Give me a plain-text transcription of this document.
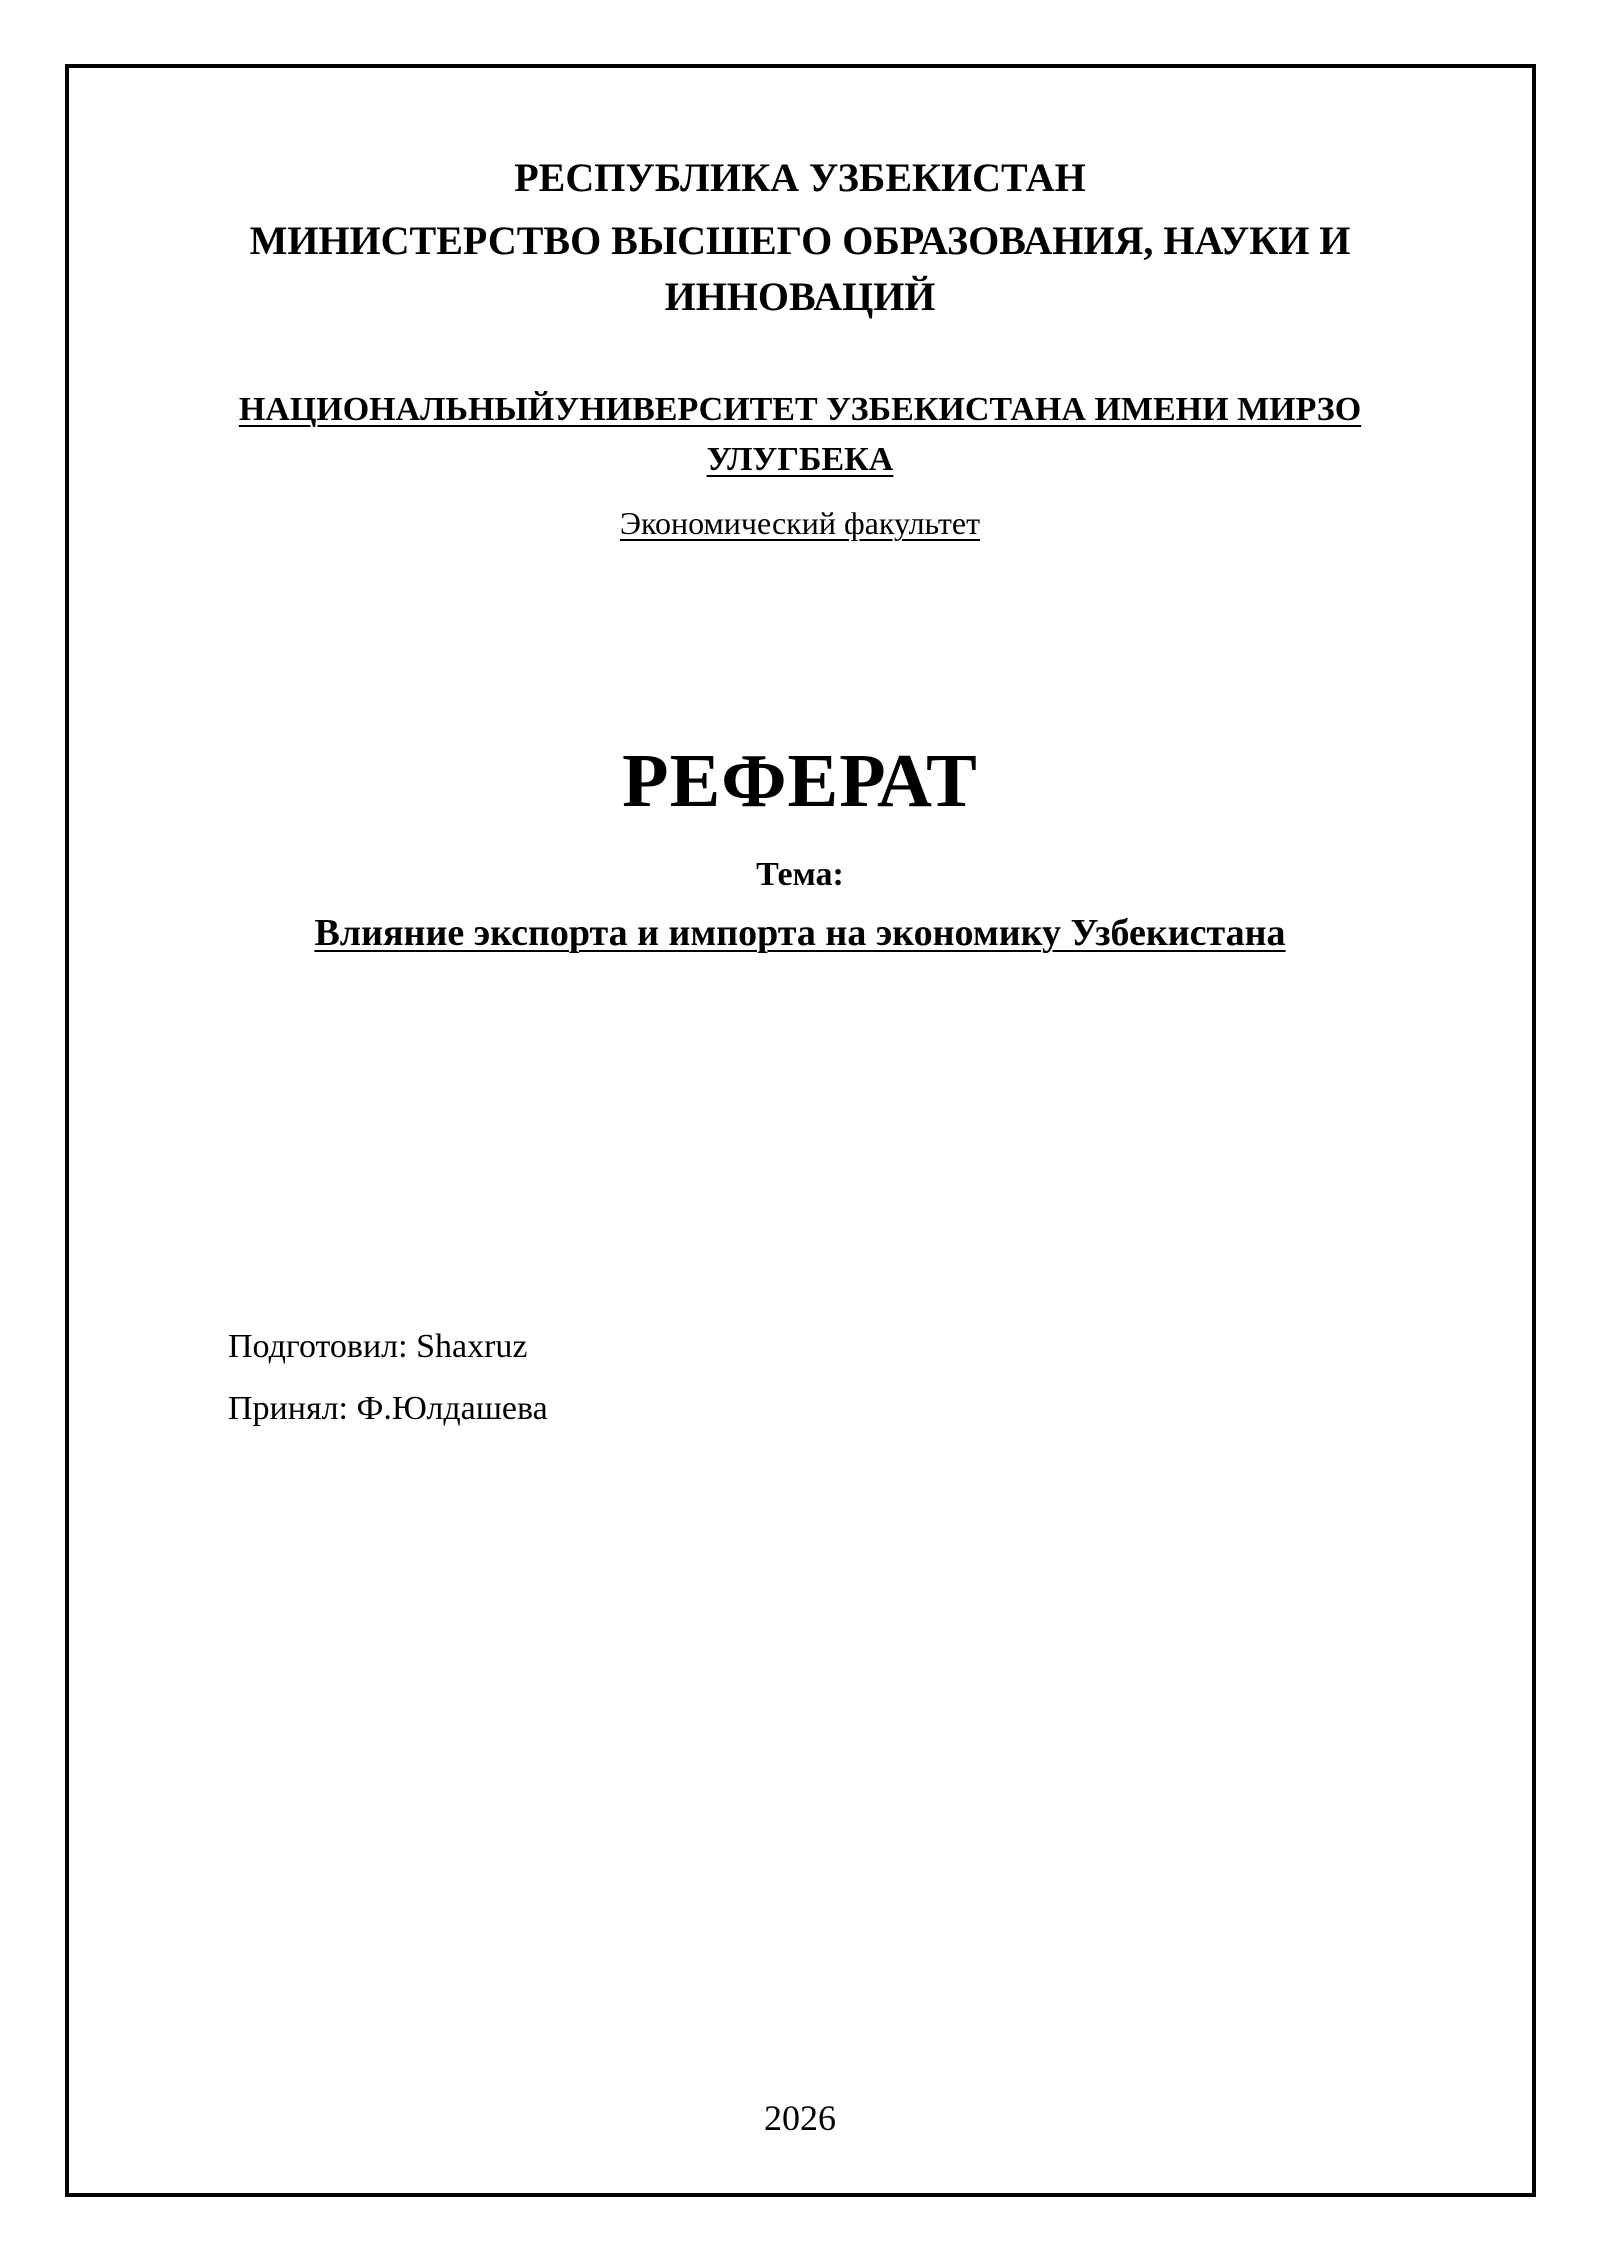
РЕСПУБЛИКА УЗБЕКИСТАН

МИНИСТЕРСТВО ВЫСШЕГО ОБРАЗОВАНИЯ, НАУКИ И

ИННОВАЦИЙ

НАЦИОНАЛЬНЫЙУНИВЕРСИТЕТ УЗБЕКИСТАНА ИМЕНИ МИРЗО

УЛУГБЕКА

Экономический факультет

РЕФЕРАТ

Тема:

Влияние экспорта и импорта на экономику Узбекистана

Подготовил: Shaxruz

Принял: Ф.Юлдашева

2026
